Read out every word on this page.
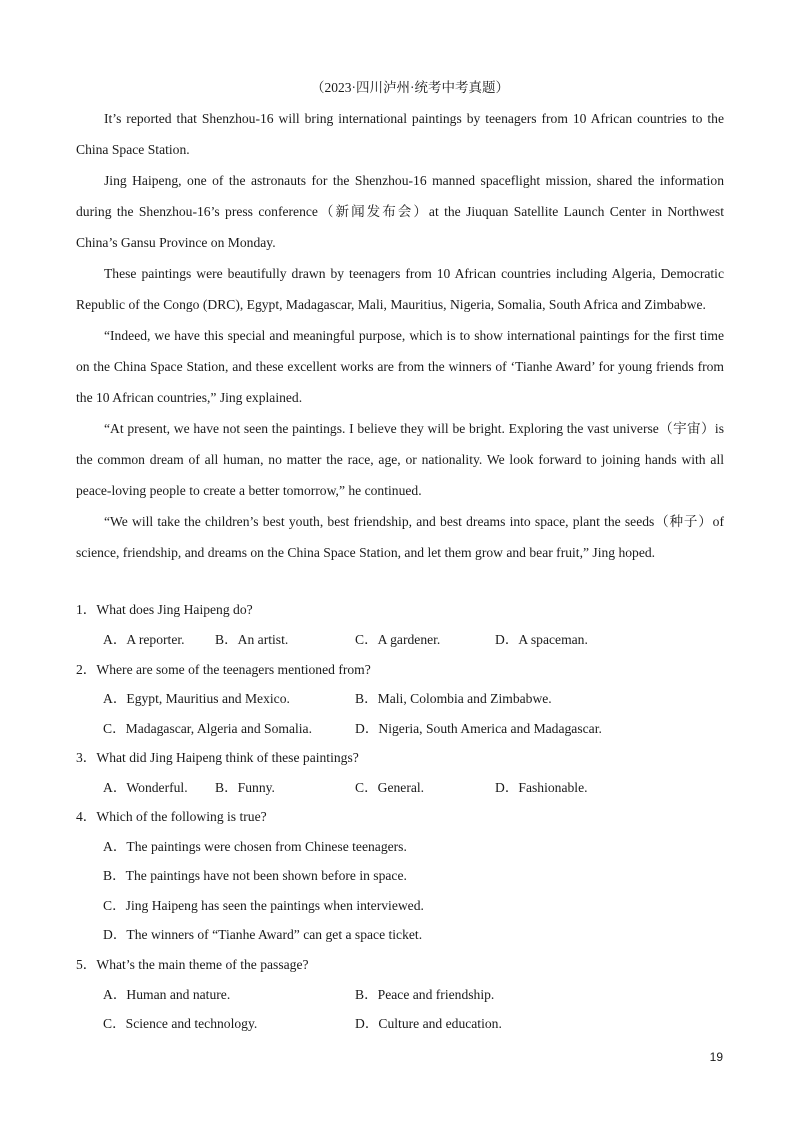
（2023·四川泸州·统考中考真题）

It’s reported that Shenzhou-16 will bring international paintings by teenagers from 10 African countries to the China Space Station.

Jing Haipeng, one of the astronauts for the Shenzhou-16 manned spaceflight mission, shared the information during the Shenzhou-16’s press conference（新闻发布会）at the Jiuquan Satellite Launch Center in Northwest China’s Gansu Province on Monday.

These paintings were beautifully drawn by teenagers from 10 African countries including Algeria, Democratic Republic of the Congo (DRC), Egypt, Madagascar, Mali, Mauritius, Nigeria, Somalia, South Africa and Zimbabwe.

“Indeed, we have this special and meaningful purpose, which is to show international paintings for the first time on the China Space Station, and these excellent works are from the winners of ‘Tianhe Award’ for young friends from the 10 African countries,” Jing explained.

“At present, we have not seen the paintings. I believe they will be bright. Exploring the vast universe（宇宙）is the common dream of all human, no matter the race, age, or nationality. We look forward to joining hands with all peace-loving people to create a better tomorrow,” he continued.

“We will take the children’s best youth, best friendship, and best dreams into space, plant the seeds（种子）of science, friendship, and dreams on the China Space Station, and let them grow and bear fruit,” Jing hoped.

1．What does Jing Haipeng do?
A．A reporter. B．An artist.	C．A gardener.	D．A spaceman.
2．Where are some of the teenagers mentioned from?
A．Egypt, Mauritius and Mexico.	B．Mali, Colombia and Zimbabwe.
C．Madagascar, Algeria and Somalia.	D．Nigeria, South America and Madagascar.
3．What did Jing Haipeng think of these paintings?
A．Wonderful. B．Funny.	C．General.	D．Fashionable.
4．Which of the following is true?
A．The paintings were chosen from Chinese teenagers.
B．The paintings have not been shown before in space.
C．Jing Haipeng has seen the paintings when interviewed.
D．The winners of “Tianhe Award” can get a space ticket.
5．What’s the main theme of the passage?
A．Human and nature.	B．Peace and friendship.
C．Science and technology.	D．Culture and education.
19
